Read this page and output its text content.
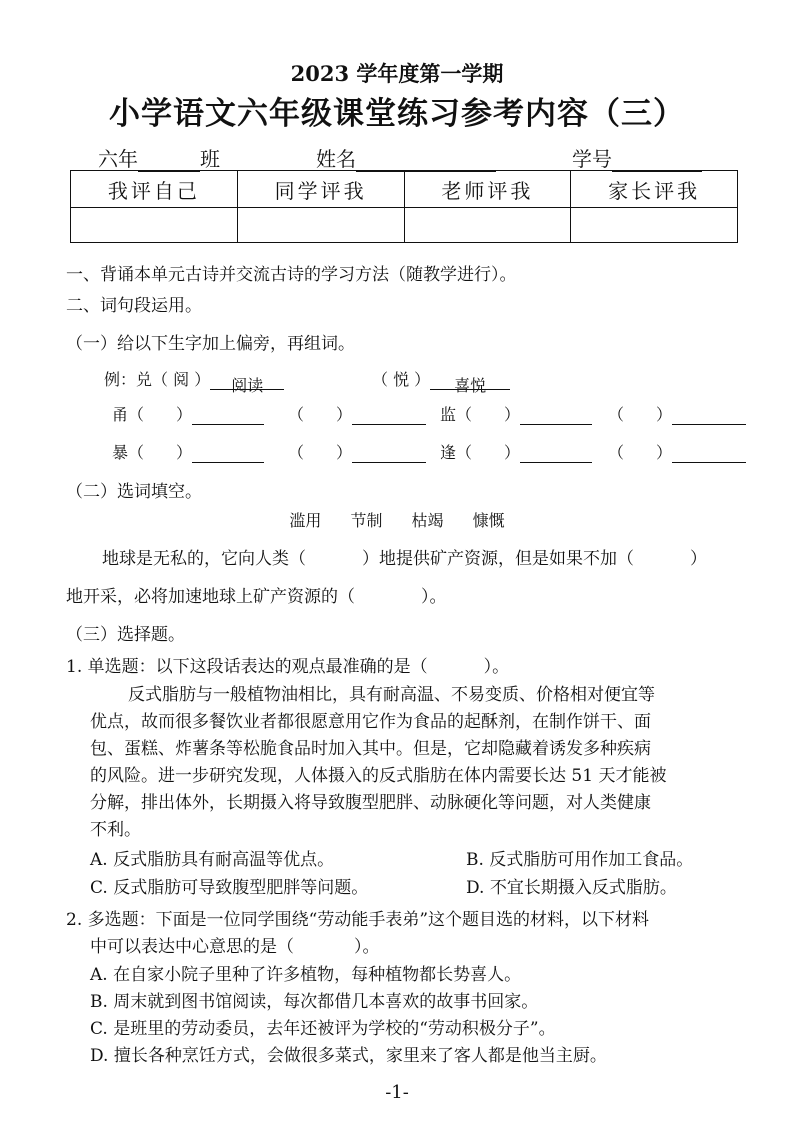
2023 学年度第一学期
小学语文六年级课堂练习参考内容（三）
六年	班	姓名	学号
我评自己	同学评我	老师评我	家长评我

一、背诵本单元古诗并交流古诗的学习方法（随教学进行）。
二、词句段运用。
（一）给以下生字加上偏旁，再组词。
例：兑（ 阅 ） 阅读	（ 悦 ） 喜悦
甬（ ）	（　　）	监（ ）	（　　）
暴（ ）	（　　）	逢（ ）	（　　）
（二）选词填空。
滥用 节制 枯竭 慷慨
地球是无私的，它向人类（	）地提供矿产资源，但是如果不加（	）
地开采，必将加速地球上矿产资源的（	）。
（三）选择题。
1. 单选题：以下这段话表达的观点最准确的是（	）。
反式脂肪与一般植物油相比，具有耐高温、不易变质、价格相对便宜等
优点，故而很多餐饮业者都很愿意用它作为食品的起酥剂，在制作饼干、面
包、蛋糕、炸薯条等松脆食品时加入其中。但是，它却隐藏着诱发多种疾病
的风险。进一步研究发现，人体摄入的反式脂肪在体内需要长达 51 天才能被
分解，排出体外，长期摄入将导致腹型肥胖、动脉硬化等问题，对人类健康
不利。
A. 反式脂肪具有耐高温等优点。	B. 反式脂肪可用作加工食品。
C. 反式脂肪可导致腹型肥胖等问题。	D. 不宜长期摄入反式脂肪。
2. 多选题：下面是一位同学围绕“劳动能手表弟”这个题目选的材料，以下材料
中可以表达中心意思的是（	）。
A. 在自家小院子里种了许多植物，每种植物都长势喜人。
B. 周末就到图书馆阅读，每次都借几本喜欢的故事书回家。
C. 是班里的劳动委员，去年还被评为学校的“劳动积极分子”。
D. 擅长各种烹饪方式，会做很多菜式，家里来了客人都是他当主厨。
-1-
